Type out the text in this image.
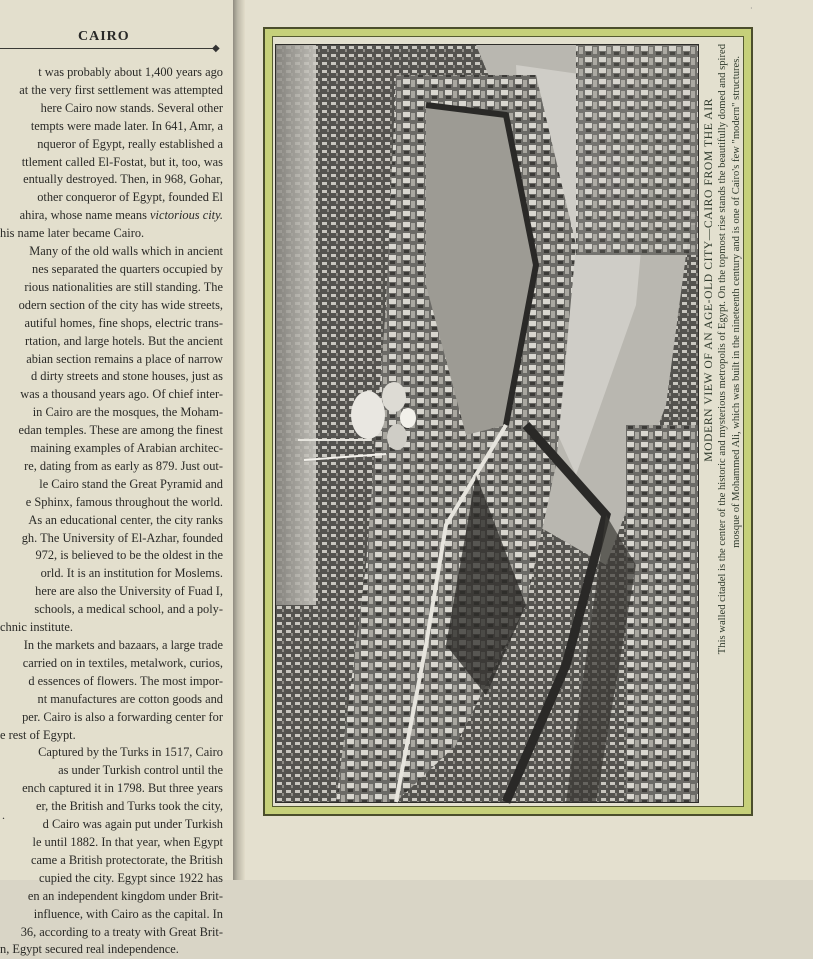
CAIRO
◆
t was probably about 1,400 years ago
at the very first settlement was attempted
here Cairo now stands. Several other
tempts were made later. In 641, Amr, a
nqueror of Egypt, really established a
ttlement called El-Fostat, but it, too, was
entually destroyed. Then, in 968, Gohar,
other conqueror of Egypt, founded El
ahira, whose name means victorious city.
his name later became Cairo.
Many of the old walls which in ancient
nes separated the quarters occupied by
rious nationalities are still standing. The
odern section of the city has wide streets,
autiful homes, fine shops, electric trans-
rtation, and large hotels. But the ancient
abian section remains a place of narrow
d dirty streets and stone houses, just as
was a thousand years ago. Of chief inter-
in Cairo are the mosques, the Moham-
edan temples. These are among the finest
maining examples of Arabian architec-
re, dating from as early as 879. Just out-
le Cairo stand the Great Pyramid and
e Sphinx, famous throughout the world.
As an educational center, the city ranks
gh. The University of El-Azhar, founded
972, is believed to be the oldest in the
orld. It is an institution for Moslems.
here are also the University of Fuad I,
schools, a medical school, and a poly-
chnic institute.
In the markets and bazaars, a large trade
carried on in textiles, metalwork, curios,
d essences of flowers. The most impor-
nt manufactures are cotton goods and
per. Cairo is also a forwarding center for
e rest of Egypt.
Captured by the Turks in 1517, Cairo
as under Turkish control until the
ench captured it in 1798. But three years
er, the British and Turks took the city,
d Cairo was again put under Turkish
le until 1882. In that year, when Egypt
came a British protectorate, the British
cupied the city. Egypt since 1922 has
en an independent kingdom under Brit-
influence, with Cairo as the capital. In
36, according to a treaty with Great Brit-
n, Egypt secured real independence.
.
·
MODERN VIEW OF AN AGE-OLD CITY—CAIRO FROM THE AIR This walled citadel is the center of the historic and mysterious metropolis of Egypt. On the topmost rise stands the beautifully domed and spired mosque of Mohammed Ali, which was built in the nineteenth century and is one of Cairo's few "modern" structures.
